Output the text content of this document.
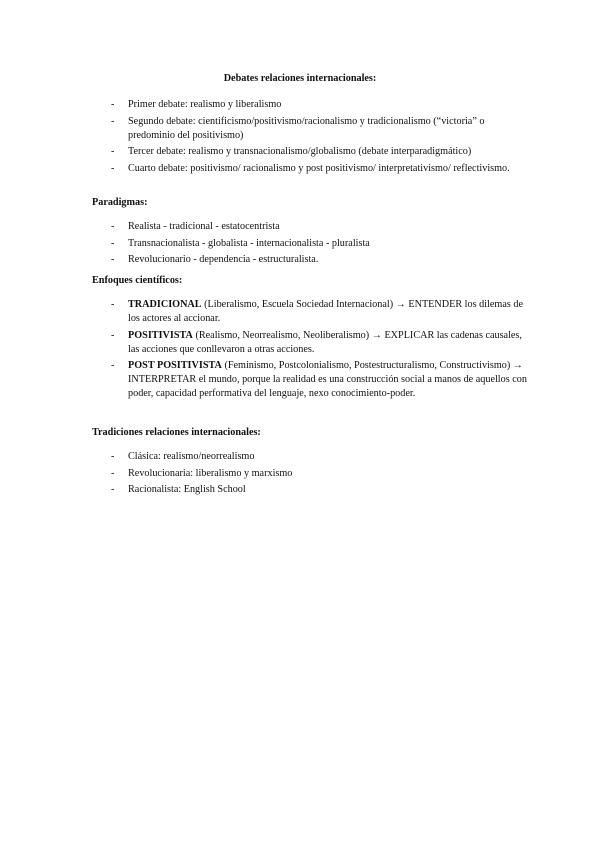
Debates relaciones internacionales:
- Primer debate: realismo y liberalismo
- Segundo debate: cientificismo/positivismo/racionalismo y tradicionalismo (“victoria” o predominio del positivismo)
- Tercer debate: realismo y transnacionalismo/globalismo (debate interparadigmático)
- Cuarto debate: positivismo/ racionalismo y post positivismo/ interpretativismo/ reflectivismo.
Paradigmas:
- Realista - tradicional - estatocentrista
- Transnacionalista - globalista - internacionalista - pluralista
- Revolucionario - dependencia - estructuralista.
Enfoques científicos:
- TRADICIONAL (Liberalismo, Escuela Sociedad Internacional) → ENTENDER los dilemas de los actores al accionar.
- POSITIVISTA (Realismo, Neorrealismo, Neoliberalismo) → EXPLICAR las cadenas causales, las acciones que conllevaron a otras acciones.
- POST POSITIVISTA (Feminismo, Postcolonialismo, Postestructuralismo, Constructivismo) → INTERPRETAR el mundo, porque la realidad es una construcción social a manos de aquellos con poder, capacidad performativa del lenguaje, nexo conocimiento-poder.
Tradiciones relaciones internacionales:
- Clásica: realismo/neorrealismo
- Revolucionaria: liberalismo y marxismo
- Racionalista: English School
